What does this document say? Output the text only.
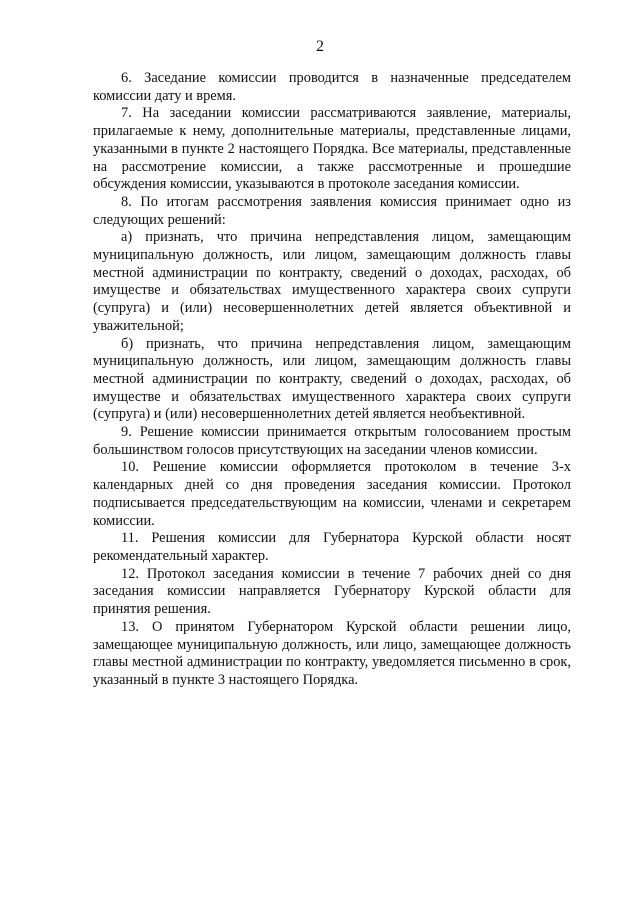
2

6. Заседание комиссии проводится в назначенные председателем комиссии дату и время.

7. На заседании комиссии рассматриваются заявление, материалы, прилагаемые к нему, дополнительные материалы, представленные лицами, указанными в пункте 2 настоящего Порядка. Все материалы, представленные на рассмотрение комиссии, а также рассмотренные и прошедшие обсуждения комиссии, указываются в протоколе заседания комиссии.

8. По итогам рассмотрения заявления комиссия принимает одно из следующих решений:

а) признать, что причина непредставления лицом, замещающим муниципальную должность, или лицом, замещающим должность главы местной администрации по контракту, сведений о доходах, расходах, об имуществе и обязательствах имущественного характера своих супруги (супруга) и (или) несовершеннолетних детей является объективной и уважительной;

б) признать, что причина непредставления лицом, замещающим муниципальную должность, или лицом, замещающим должность главы местной администрации по контракту, сведений о доходах, расходах, об имуществе и обязательствах имущественного характера своих супруги (супруга) и (или) несовершеннолетних детей является необъективной.

9. Решение комиссии принимается открытым голосованием простым большинством голосов присутствующих на заседании членов комиссии.

10. Решение комиссии оформляется протоколом в течение 3-х календарных дней со дня проведения заседания комиссии. Протокол подписывается председательствующим на комиссии, членами и секретарем комиссии.

11. Решения комиссии для Губернатора Курской области носят рекомендательный характер.

12. Протокол заседания комиссии в течение 7 рабочих дней со дня заседания комиссии направляется Губернатору Курской области для принятия решения.

13. О принятом Губернатором Курской области решении лицо, замещающее муниципальную должность, или лицо, замещающее должность главы местной администрации по контракту, уведомляется письменно в срок, указанный в пункте 3 настоящего Порядка.
